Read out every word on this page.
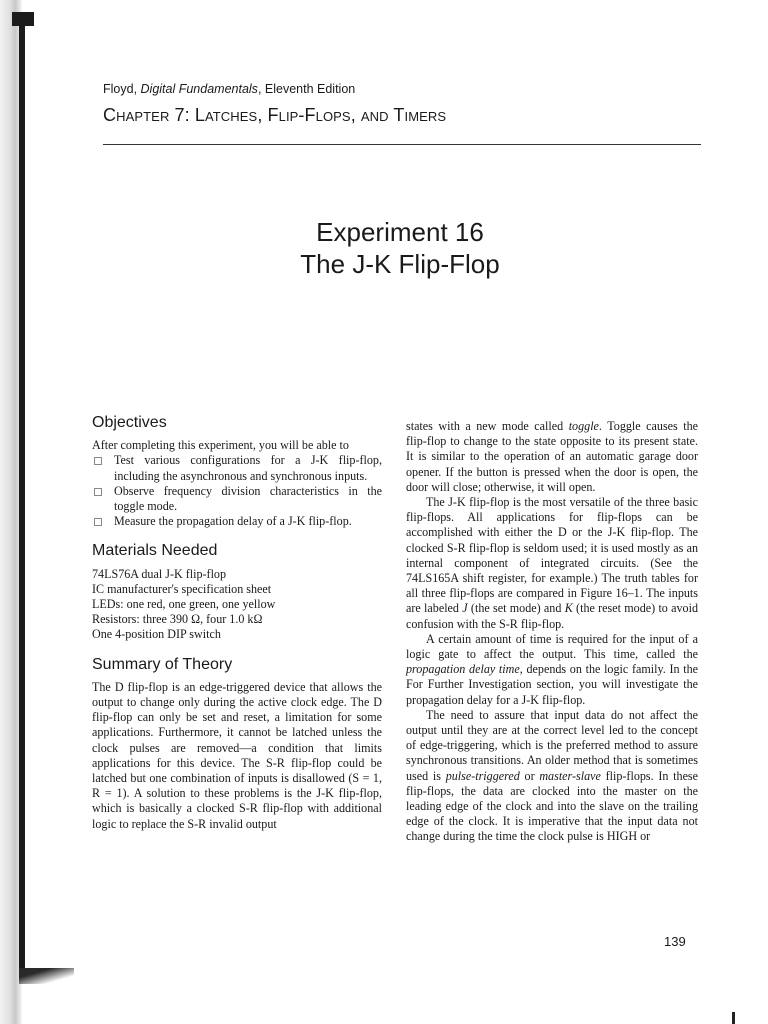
Floyd, Digital Fundamentals, Eleventh Edition
Chapter 7: Latches, Flip-Flops, and Timers
Experiment 16
The J-K Flip-Flop
Objectives

After completing this experiment, you will be able to

Test various configurations for a J-K flip-flop, including the asynchronous and synchronous inputs.
Observe frequency division characteristics in the toggle mode.
Measure the propagation delay of a J-K flip-flop.
Materials Needed
74LS76A dual J-K flip-flop
IC manufacturer's specification sheet
LEDs: one red, one green, one yellow
Resistors: three 390 Ω, four 1.0 kΩ
One 4-position DIP switch
Summary of Theory

The D flip-flop is an edge-triggered device that allows the output to change only during the active clock edge. The D flip-flop can only be set and reset, a limitation for some applications. Furthermore, it cannot be latched unless the clock pulses are removed—a condition that limits applications for this device. The S-R flip-flop could be latched but one combination of inputs is disallowed (S = 1, R = 1). A solution to these problems is the J-K flip-flop, which is basically a clocked S-R flip-flop with additional logic to replace the S-R invalid output

states with a new mode called toggle. Toggle causes the flip-flop to change to the state opposite to its present state. It is similar to the operation of an automatic garage door opener. If the button is pressed when the door is open, the door will close; otherwise, it will open.

The J-K flip-flop is the most versatile of the three basic flip-flops. All applications for flip-flops can be accomplished with either the D or the J-K flip-flop. The clocked S-R flip-flop is seldom used; it is used mostly as an internal component of integrated circuits. (See the 74LS165A shift register, for example.) The truth tables for all three flip-flops are compared in Figure 16–1. The inputs are labeled J (the set mode) and K (the reset mode) to avoid confusion with the S-R flip-flop.

A certain amount of time is required for the input of a logic gate to affect the output. This time, called the propagation delay time, depends on the logic family. In the For Further Investigation section, you will investigate the propagation delay for a J-K flip-flop.

The need to assure that input data do not affect the output until they are at the correct level led to the concept of edge-triggering, which is the preferred method to assure synchronous transitions. An older method that is sometimes used is pulse-triggered or master-slave flip-flops. In these flip-flops, the data are clocked into the master on the leading edge of the clock and into the slave on the trailing edge of the clock. It is imperative that the input data not change during the time the clock pulse is HIGH or

139
